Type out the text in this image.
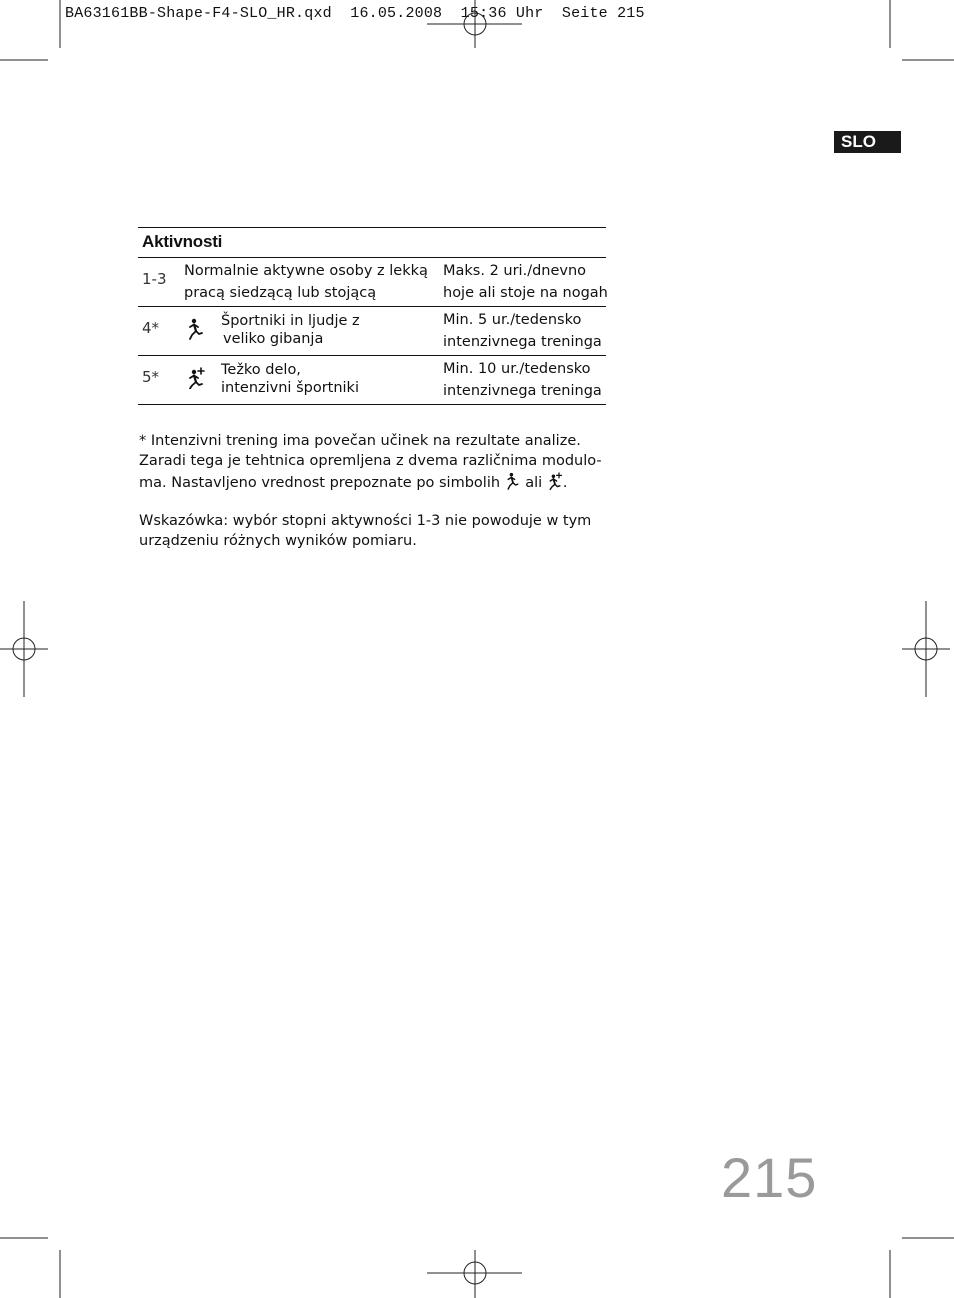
BA63161BB-Shape-F4-SLO_HR.qxd  16.05.2008  15:36 Uhr  Seite 215
SLO
Aktivnosti
1-3 Normalnie aktywne osoby z lekką
pracą siedzącą lub stojącą
Maks. 2 uri./dnevno
hoje ali stoje na nogah
4*	Športniki in ljudje z
veliko gibanja
Min. 5 ur./tedensko
intenzivnega treninga
5*	Težko delo,
intenzivni športniki
Min. 10 ur./tedensko
intenzivnega treninga
* Intenzivni trening ima povečan učinek na rezultate analize.
Zaradi tega je tehtnica opremljena z dvema različnima modulo-
ma. Nastavljeno vrednost prepoznate po simbolih ali .
Wskazówka: wybór stopni aktywności 1-3 nie powoduje w tym
urządzeniu różnych wyników pomiaru.
215
